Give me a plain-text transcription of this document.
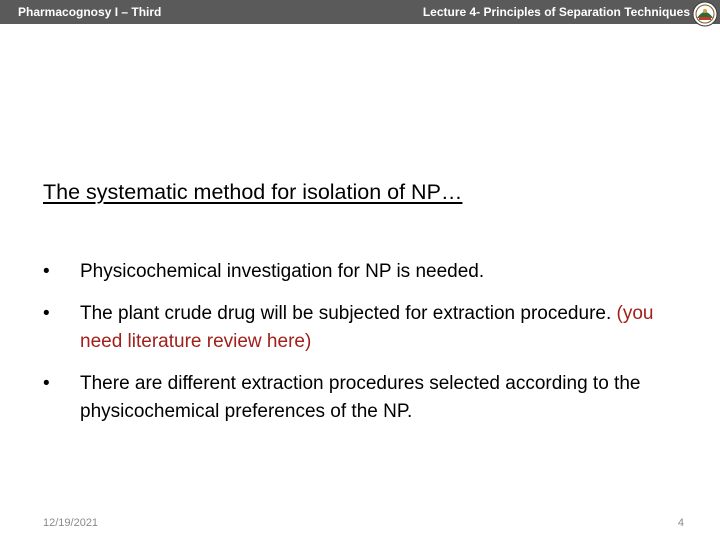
Pharmacognosy I – Third	Lecture 4- Principles of Separation Techniques
The systematic method for isolation of NP…
• Physicochemical investigation for NP is needed.
• The plant crude drug will be subjected for extraction procedure. (you need literature review here)
• There are different extraction procedures selected according to the physicochemical preferences of the NP.
12/19/2021	4
